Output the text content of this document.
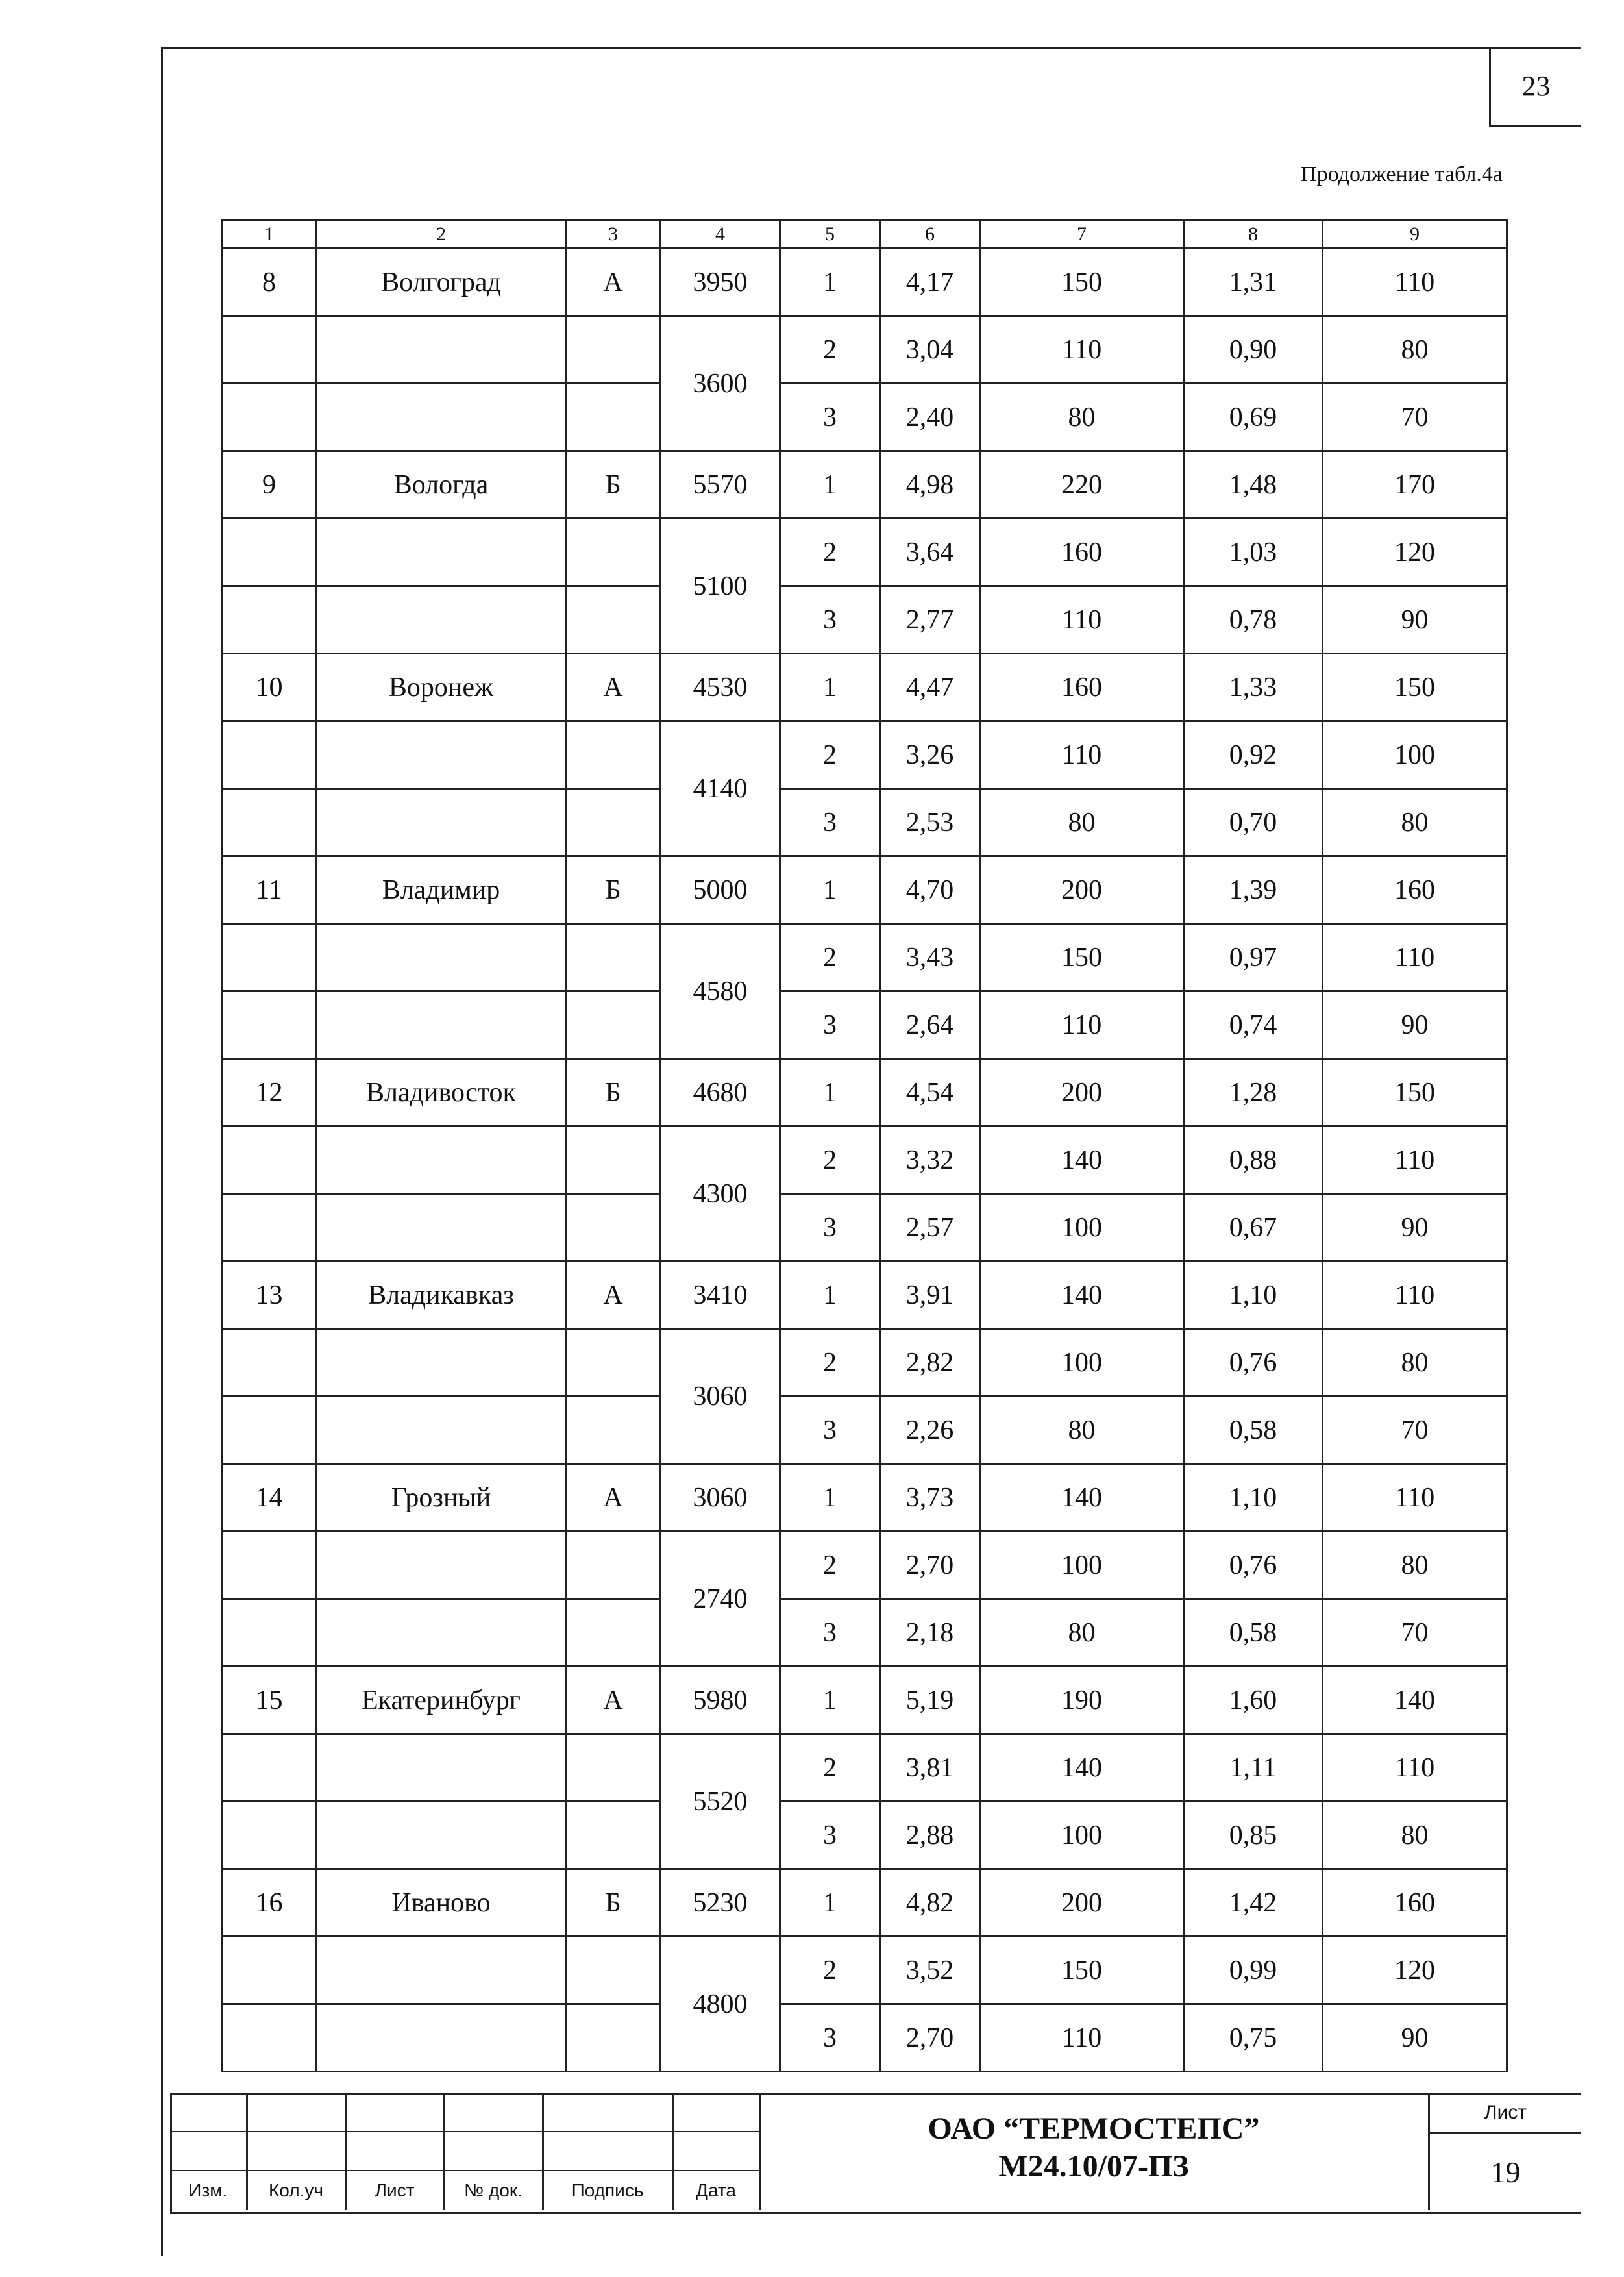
23
Продолжение табл.4а
1	2	3	4	5	6	7	8	9
8	Волгоград	А	3950	1	4,17	150	1,31	110
			3600	2	3,04	110	0,90	80
				3	2,40	80	0,69	70
9	Вологда	Б	5570	1	4,98	220	1,48	170
			5100	2	3,64	160	1,03	120
				3	2,77	110	0,78	90
10	Воронеж	А	4530	1	4,47	160	1,33	150
			4140	2	3,26	110	0,92	100
				3	2,53	80	0,70	80
11	Владимир	Б	5000	1	4,70	200	1,39	160
			4580	2	3,43	150	0,97	110
				3	2,64	110	0,74	90
12	Владивосток	Б	4680	1	4,54	200	1,28	150
			4300	2	3,32	140	0,88	110
				3	2,57	100	0,67	90
13	Владикавказ	А	3410	1	3,91	140	1,10	110
			3060	2	2,82	100	0,76	80
				3	2,26	80	0,58	70
14	Грозный	А	3060	1	3,73	140	1,10	110
			2740	2	2,70	100	0,76	80
				3	2,18	80	0,58	70
15	Екатеринбург	А	5980	1	5,19	190	1,60	140
			5520	2	3,81	140	1,11	110
				3	2,88	100	0,85	80
16	Иваново	Б	5230	1	4,82	200	1,42	160
			4800	2	3,52	150	0,99	120
				3	2,70	110	0,75	90

Изм.	Кол.уч	Лист	№ док.	Подпись	Дата
ОАО “ТЕРМОСТЕПС”
М24.10/07-ПЗ
Лист
19
